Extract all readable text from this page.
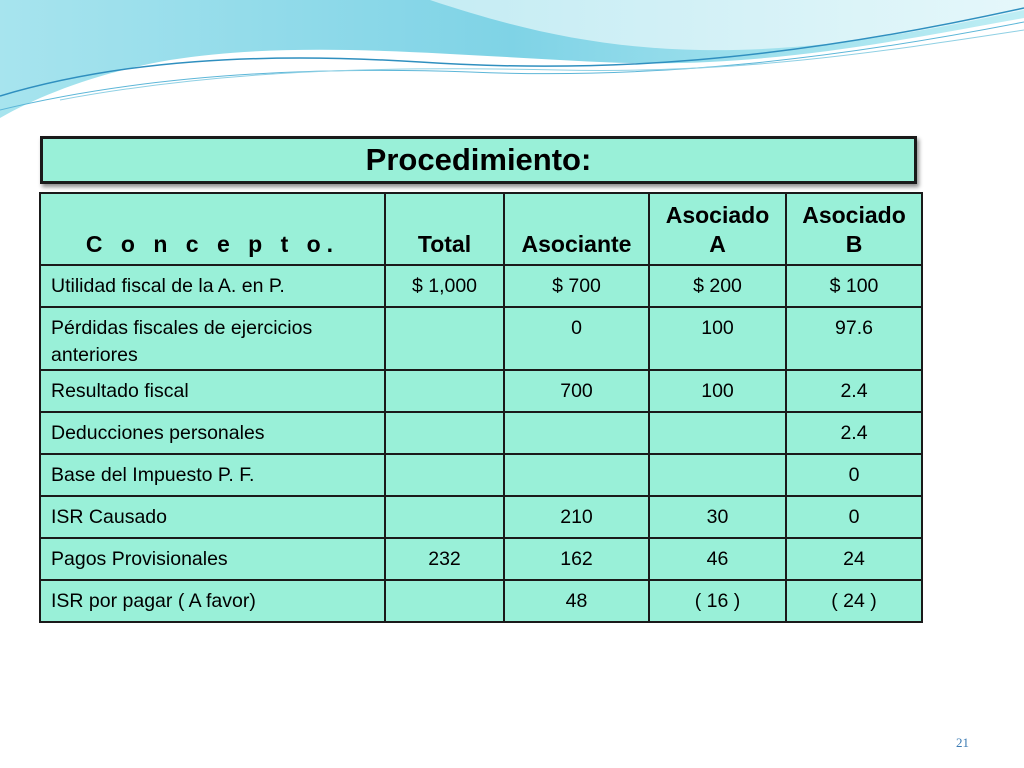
Procedimiento:
C o n c e p t o.	Total	Asociante	Asociado A	Asociado B
Utilidad fiscal de la A. en P.	$ 1,000	$ 700	$ 200	$ 100
Pérdidas fiscales de ejercicios anteriores		0	100	97.6
Resultado fiscal		700	100	2.4
Deducciones personales				2.4
Base del Impuesto P. F.				0
ISR Causado		210	30	0
Pagos Provisionales	232	162	46	24
ISR por pagar ( A favor)		48	( 16 )	( 24 )
21
